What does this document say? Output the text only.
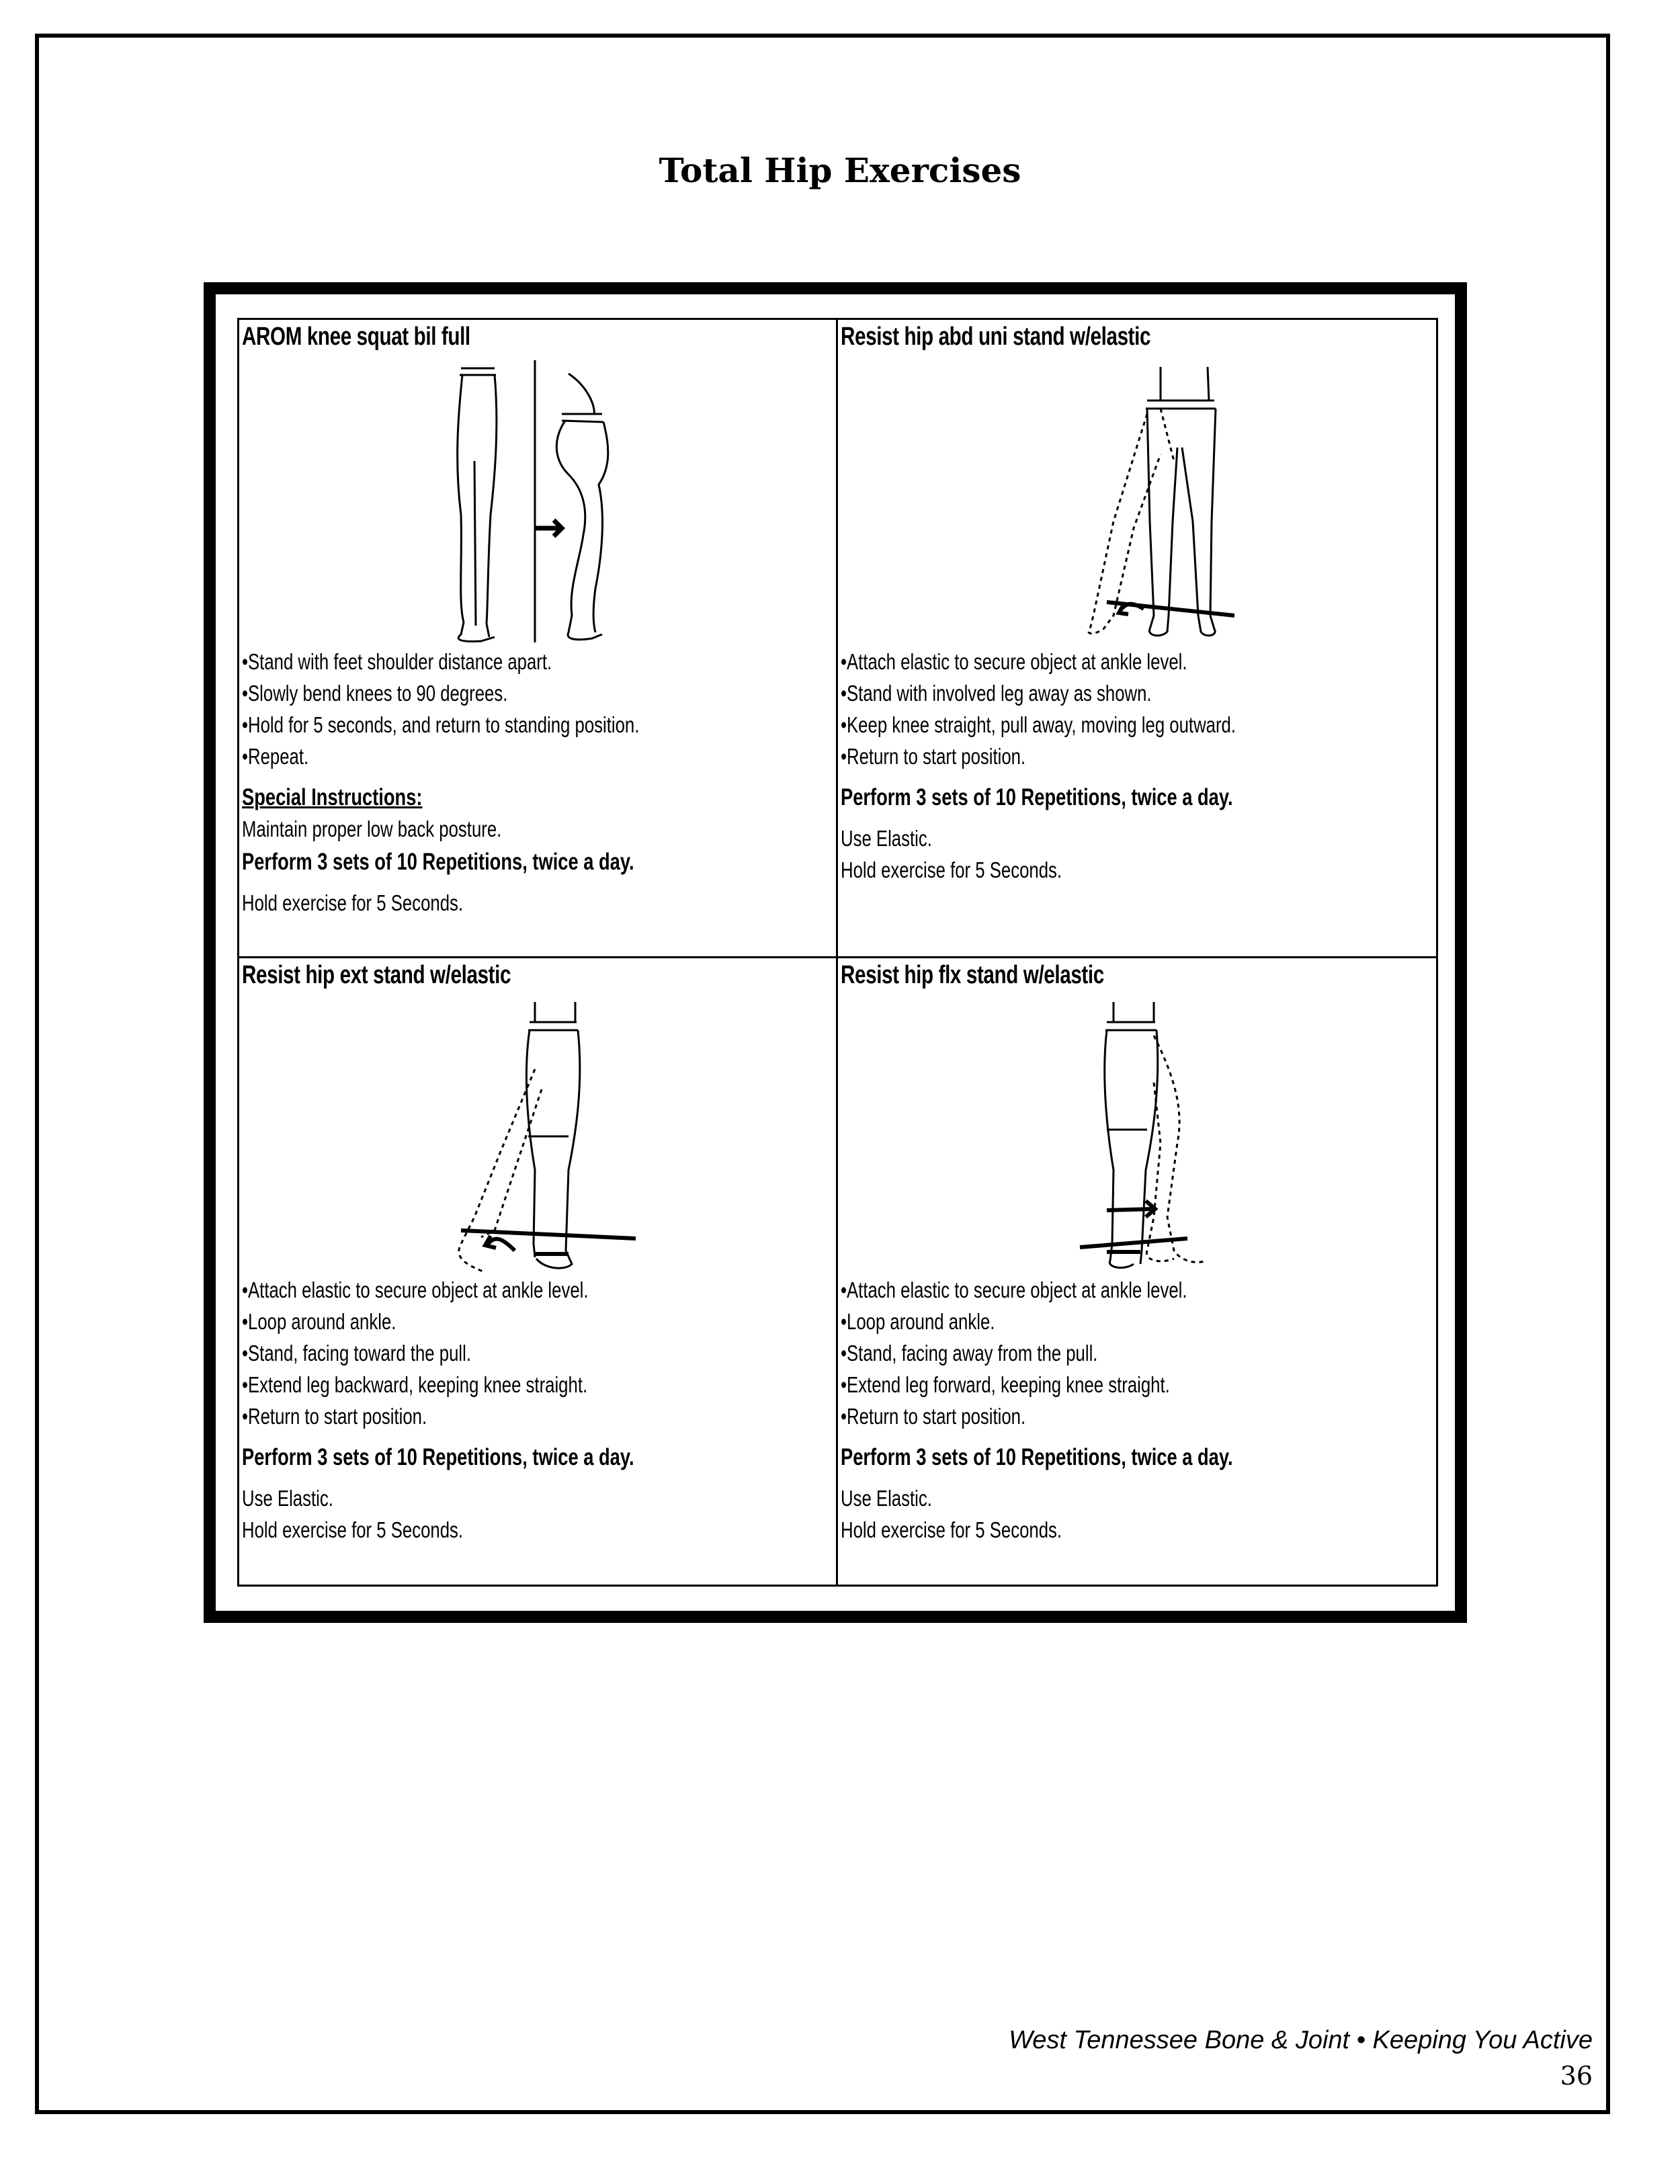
Total Hip Exercises
AROM knee squat bil full
• Stand with feet shoulder distance apart.
• Slowly bend knees to 90 degrees.
• Hold for 5 seconds, and return to standing position.
• Repeat.
Special Instructions:
Maintain proper low back posture.
Perform 3 sets of 10 Repetitions, twice a day.
Hold exercise for 5 Seconds.
Resist hip abd uni stand w/elastic
• Attach elastic to secure object at ankle level.
• Stand with involved leg away as shown.
• Keep knee straight, pull away, moving leg outward.
• Return to start position.
Perform 3 sets of 10 Repetitions, twice a day.
Use Elastic.
Hold exercise for 5 Seconds.
Resist hip ext stand w/elastic
• Attach elastic to secure object at ankle level.
• Loop around ankle.
• Stand, facing toward the pull.
• Extend leg backward, keeping knee straight.
• Return to start position.
Perform 3 sets of 10 Repetitions, twice a day.
Use Elastic.
Hold exercise for 5 Seconds.
Resist hip flx stand w/elastic
• Attach elastic to secure object at ankle level.
• Loop around ankle.
• Stand, facing away from the pull.
• Extend leg forward, keeping knee straight.
• Return to start position.
Perform 3 sets of 10 Repetitions, twice a day.
Use Elastic.
Hold exercise for 5 Seconds.
West Tennessee Bone & Joint • Keeping You Active
36
